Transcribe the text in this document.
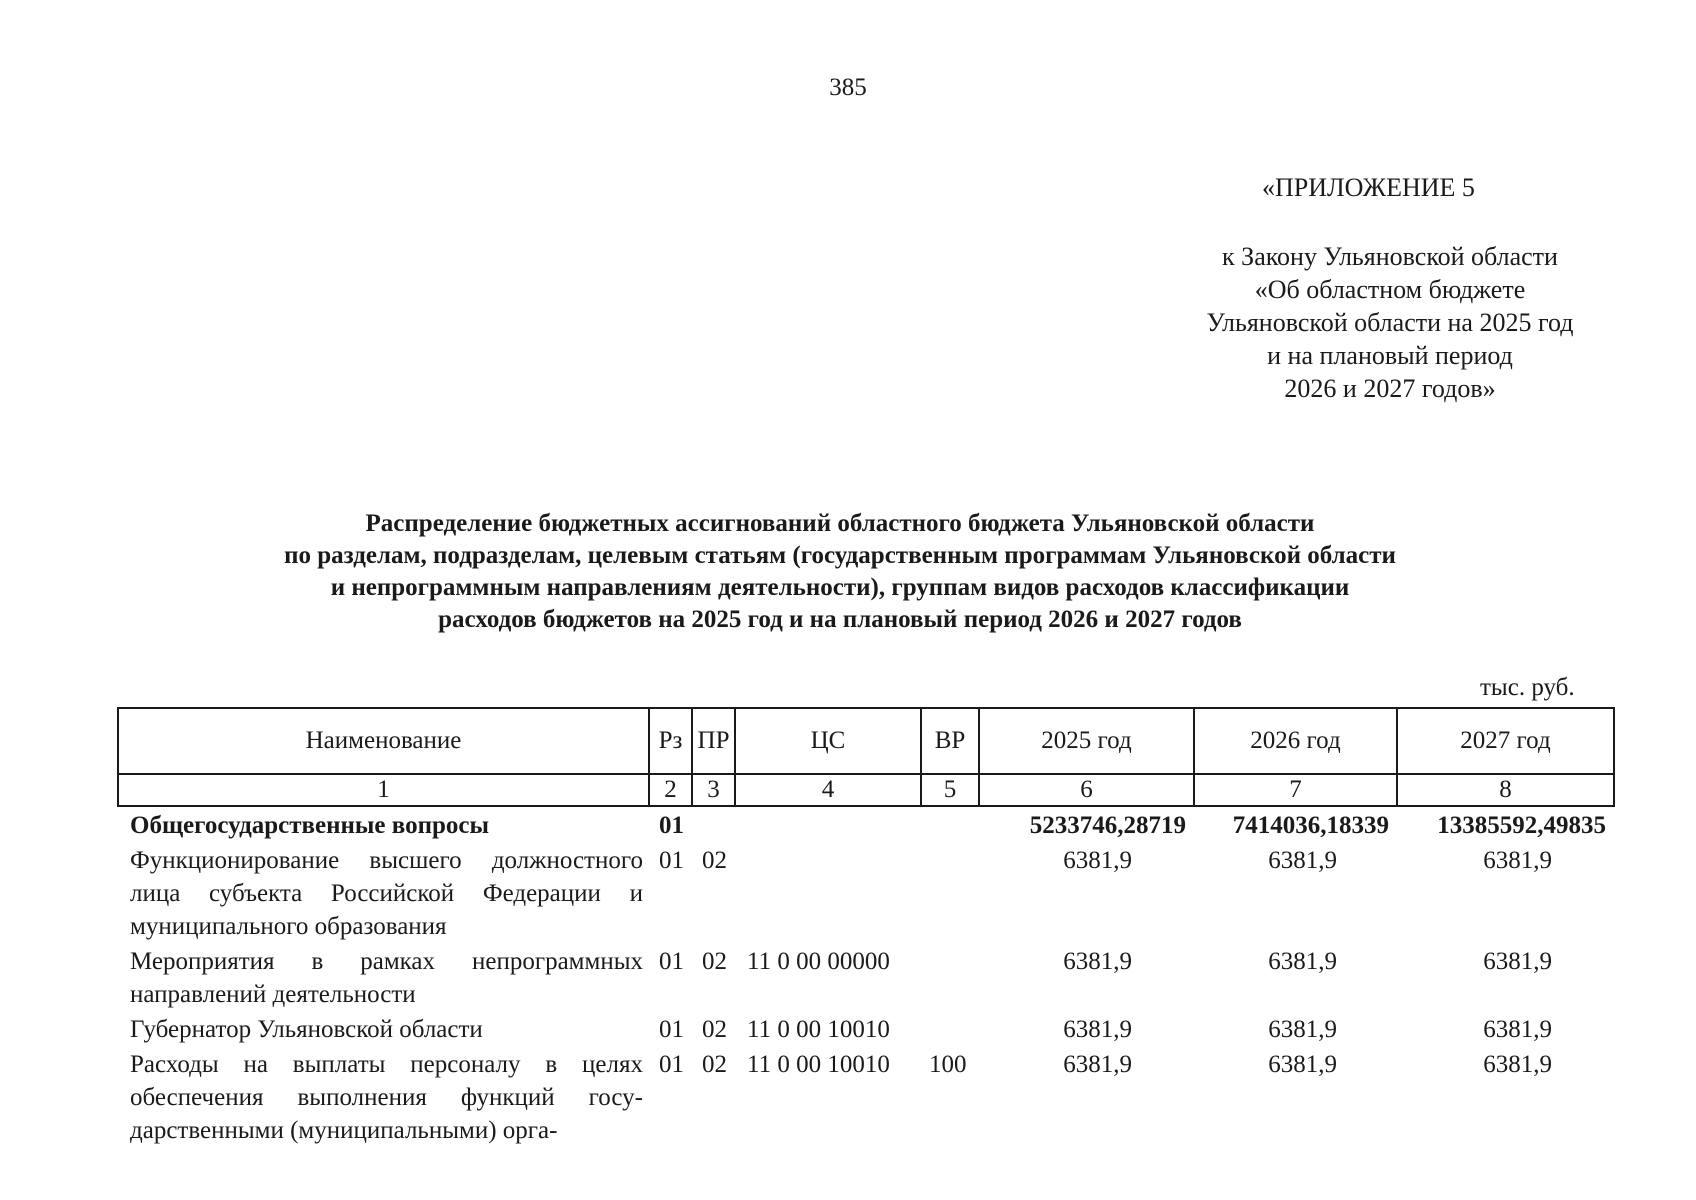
385
«ПРИЛОЖЕНИЕ 5
к Закону Ульяновской области
«Об областном бюджете
Ульяновской области на 2025 год
и на плановый период
2026 и 2027 годов»
Распределение бюджетных ассигнований областного бюджета Ульяновской области
по разделам, подразделам, целевым статьям (государственным программам Ульяновской области
и непрограммным направлениям деятельности), группам видов расходов классификации
расходов бюджетов на 2025 год и на плановый период 2026 и 2027 годов
тыс. руб.
Наименование	Рз	ПР	ЦС	ВР	2025 год	2026 год	2027 год
1	2	3	4	5	6	7	8
Общегосударственные вопросы	01				5233746,28719	7414036,18339	13385592,49835
Функционирование высшего должностного лица субъекта Российской Федерации и муниципального образования	01	02			6381,9	6381,9	6381,9
Мероприятия в рамках непрограммных направлений деятельности	01	02	11 0 00 00000		6381,9	6381,9	6381,9
Губернатор Ульяновской области	01	02	11 0 00 10010		6381,9	6381,9	6381,9
Расходы на выплаты персоналу в целях обеспечения выполнения функций государственными (муниципальными) орга-	01	02	11 0 00 10010	100	6381,9	6381,9	6381,9
